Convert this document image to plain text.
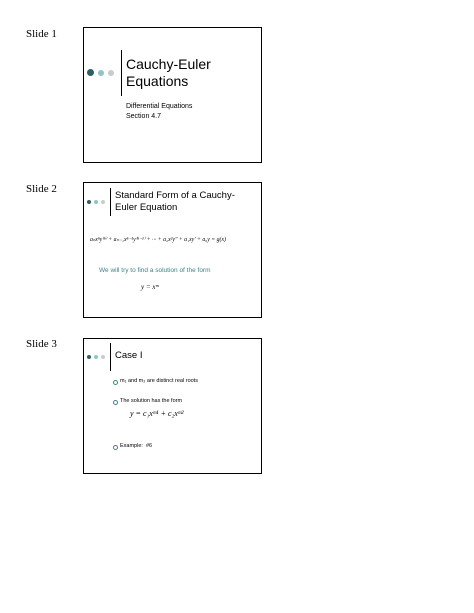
Slide 1
Cauchy-Euler
Equations
Differential Equations
Section 4.7
Slide 2
Standard Form of a Cauchy-
Euler Equation
aₙxⁿy⁽ⁿ⁾ + aₙ₋₁xⁿ⁻¹y⁽ⁿ⁻¹⁾ + ··· + a₂x²y″ + a₁xy′ + a₀y = g(x)
We will try to find a solution of the form
y = xᵐ
Slide 3
Case I
m₁ and m₂ are distinct real roots
The solution has the form
y = c₁xᵐ¹ + c₂xᵐ²
Example:  #6
